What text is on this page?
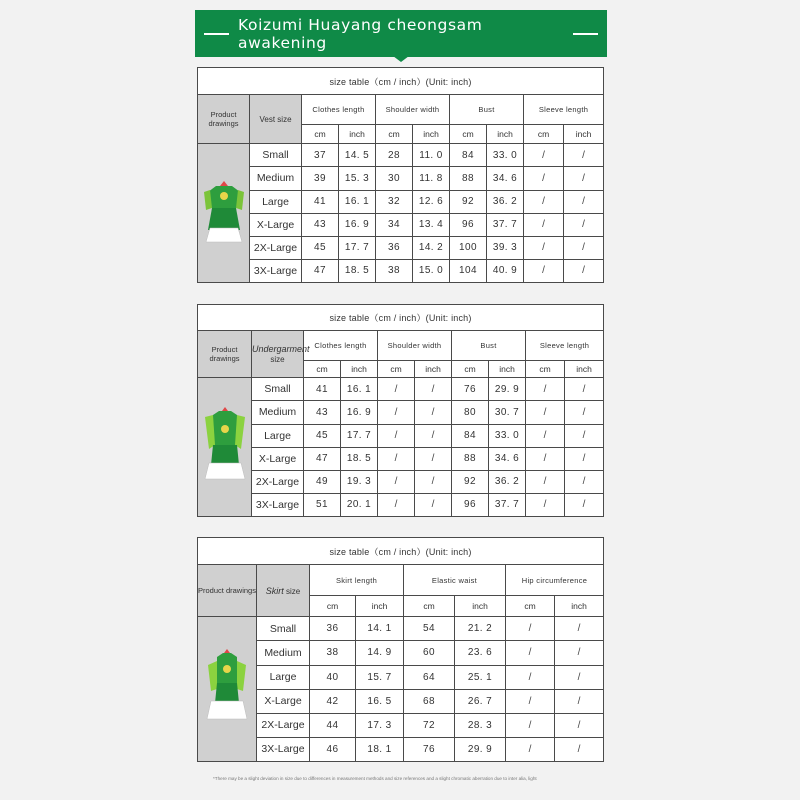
Koizumi Huayang cheongsam awakening
size table（cm / inch）(Unit: inch)									
Product drawings	Vest size	Clothes length		Shoulder width		Bust		Sleeve length	
		cm	inch	cm	inch	cm	inch	cm	inch

	Small	37	14. 5	28	11. 0	84	33. 0	/	/
	Medium	39	15. 3	30	11. 8	88	34. 6	/	/
	Large	41	16. 1	32	12. 6	92	36. 2	/	/
	X-Large	43	16. 9	34	13. 4	96	37. 7	/	/
	2X-Large	45	17. 7	36	14. 2	100	39. 3	/	/
	3X-Large	47	18. 5	38	15. 0	104	40. 9	/	/
size table（cm / inch）(Unit: inch)									
Product drawings	Undergarment
size	Clothes length		Shoulder width		Bust		Sleeve length	
		cm	inch	cm	inch	cm	inch	cm	inch

	Small	41	16. 1	/	/	76	29. 9	/	/
	Medium	43	16. 9	/	/	80	30. 7	/	/
	Large	45	17. 7	/	/	84	33. 0	/	/
	X-Large	47	18. 5	/	/	88	34. 6	/	/
	2X-Large	49	19. 3	/	/	92	36. 2	/	/
	3X-Large	51	20. 1	/	/	96	37. 7	/	/
size table（cm / inch）(Unit: inch)							
Product drawings	Skirt size	Skirt length		Elastic waist		Hip circumference	
		cm	inch	cm	inch	cm	inch

	Small	36	14. 1	54	21. 2	/	/
	Medium	38	14. 9	60	23. 6	/	/
	Large	40	15. 7	64	25. 1	/	/
	X-Large	42	16. 5	68	26. 7	/	/
	2X-Large	44	17. 3	72	28. 3	/	/
	3X-Large	46	18. 1	76	29. 9	/	/
*There may be a slight deviation in size due to differences in measurement methods and size references and a slight chromatic aberration due to inter alia, light
